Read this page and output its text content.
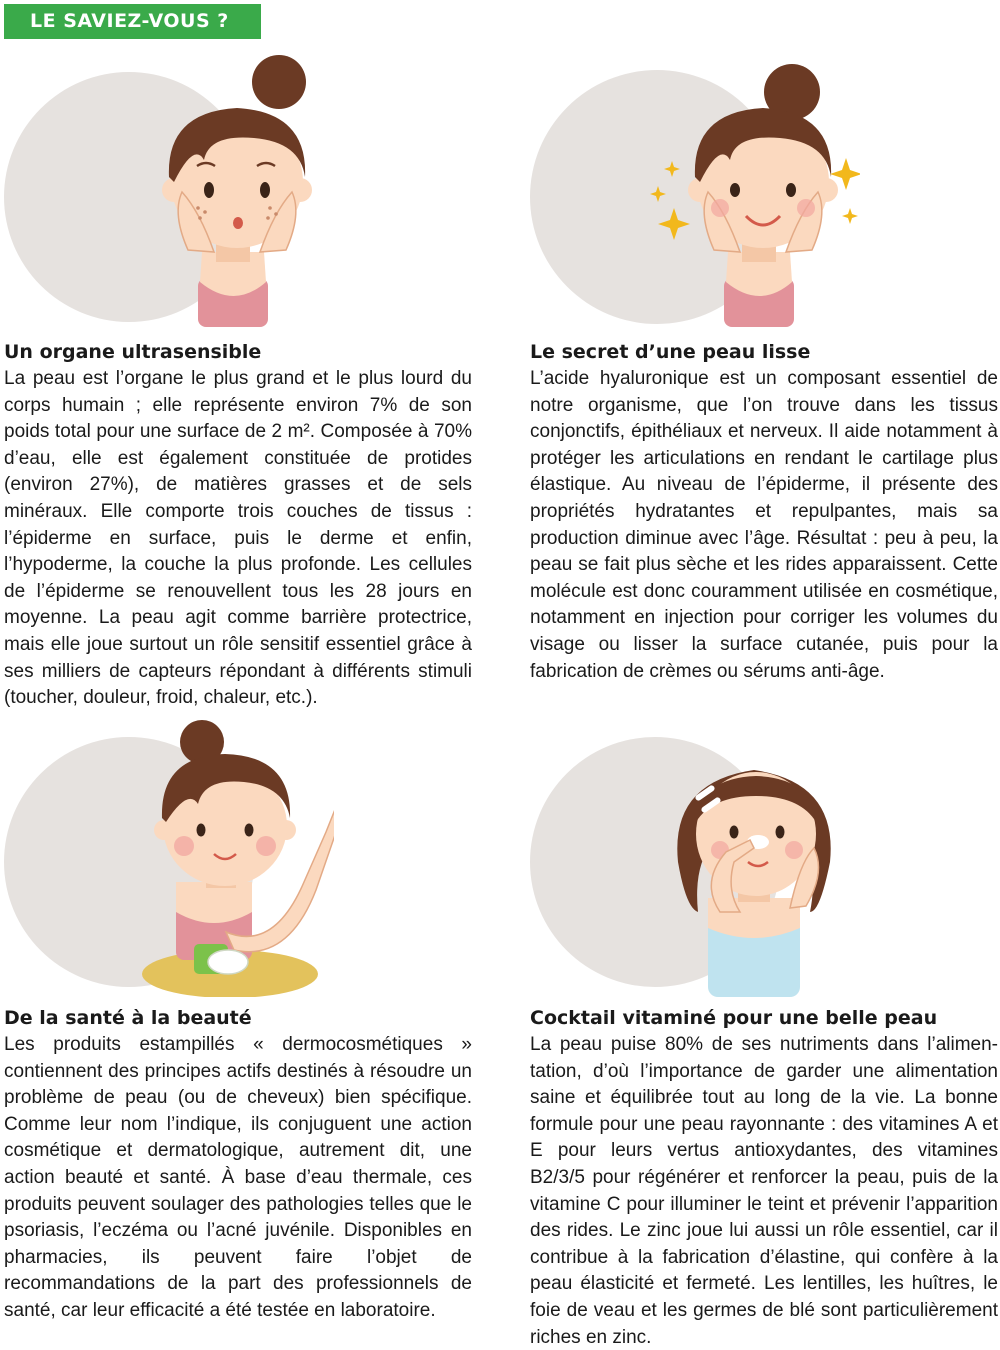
LE SAVIEZ-VOUS ?
Un organe ultrasensible

La peau est l’organe le plus grand et le plus lourd du corps humain ; elle représente environ 7% de son poids total pour une surface de 2 m². Composée à 70% d’eau, elle est également constituée de protides (environ 27%), de matières grasses et de sels minéraux. Elle comporte trois couches de tissus : l’épiderme en surface, puis le derme et enfin, l’hypoderme, la couche la plus profonde. Les cellules de l’épiderme se renouvellent tous les 28 jours en moyenne. La peau agit comme barrière protectrice, mais elle joue surtout un rôle sensitif essentiel grâce à ses milliers de capteurs répondant à différents stimuli (toucher, douleur, froid, chaleur, etc.).

Le secret d’une peau lisse

L’acide hyaluronique est un composant essentiel de notre organisme, que l’on trouve dans les tissus conjonctifs, épithéliaux et nerveux. Il aide notamment à protéger les articulations en rendant le cartilage plus élastique. Au niveau de l’épiderme, il présente des propriétés hydratantes et repulpantes, mais sa production diminue avec l’âge. Résultat : peu à peu, la peau se fait plus sèche et les rides apparaissent. Cette molécule est donc couramment utilisée en cosmétique, notamment en injection pour corriger les volumes du visage ou lisser la surface cutanée, puis pour la fabrication de crèmes ou sérums anti-âge.

De la santé à la beauté

Les produits estampillés « dermocosmétiques » contiennent des principes actifs destinés à résoudre un problème de peau (ou de cheveux) bien spécifique. Comme leur nom l’indique, ils conjuguent une action cosmétique et dermatologique, autrement dit, une action beauté et santé. À base d’eau thermale, ces produits peuvent soulager des pathologies telles que le psoriasis, l’eczéma ou l’acné juvénile. Disponibles en pharmacies, ils peuvent faire l’objet de recommandations de la part des professionnels de santé, car leur efficacité a été testée en laboratoire.

Cocktail vitaminé pour une belle peau

La peau puise 80% de ses nutriments dans l’alimentation, d’où l’importance de garder une alimentation saine et équilibrée tout au long de la vie. La bonne formule pour une peau rayonnante : des vitamines A et E pour leurs vertus antioxydantes, des vitamines B2/3/5 pour régénérer et renforcer la peau, puis de la vitamine C pour illuminer le teint et prévenir l’apparition des rides. Le zinc joue lui aussi un rôle essentiel, car il contribue à la fabrication d’élastine, qui confère à la peau élasticité et fermeté. Les lentilles, les huîtres, le foie de veau et les germes de blé sont particulièrement riches en zinc.
